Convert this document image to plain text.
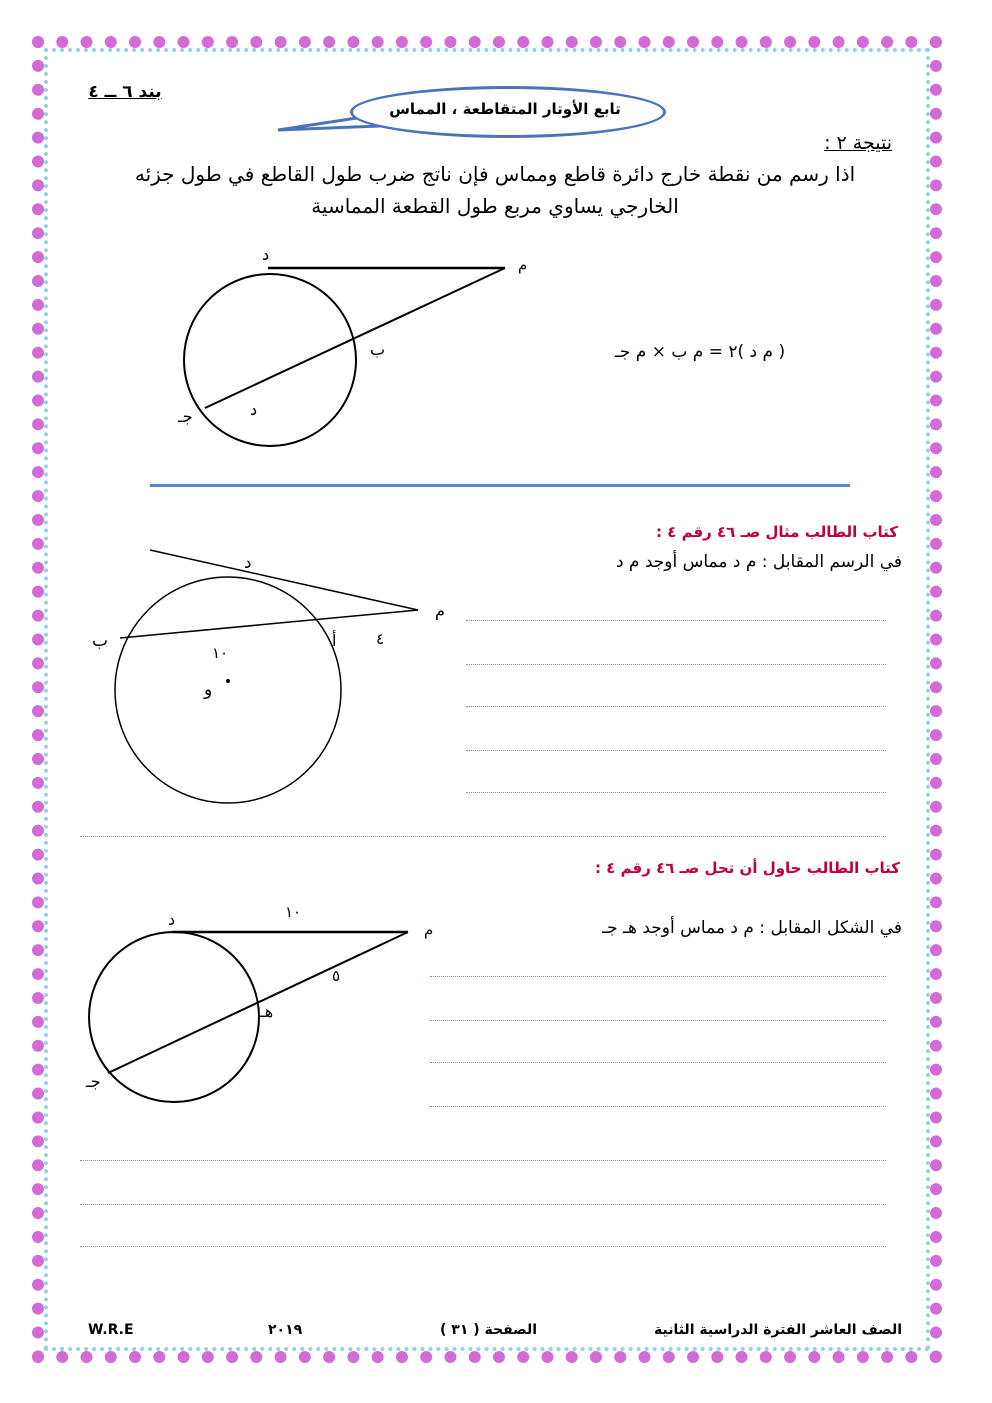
بند ٦ ــ ٤
تابع الأوتار المتقاطعة ، المماس
نتيجة ٢ :
اذا رسم من نقطة خارج دائرة قاطع ومماس فإن ناتج ضرب طول القاطع في طول جزئه
الخارجي يساوي مربع طول القطعة المماسية
د
م
ب
جـ	د
( م د )٢ = م ب × م جـ
كتاب الطالب مثال صـ ٤٦ رقم ٤ :
في الرسم المقابل : م د مماس أوجد م د
د
م
ب	أ
١٠
٤
و
كتاب الطالب حاول أن تحل صـ ٤٦ رقم ٤ :
في الشكل المقابل : م د مماس أوجد هـ جـ
د
م
١٠
٥
هـ
جـ
الصف العاشر الفترة الدراسية الثانية
الصفحة ( ٣١ )
٢٠١٩
W.R.E
